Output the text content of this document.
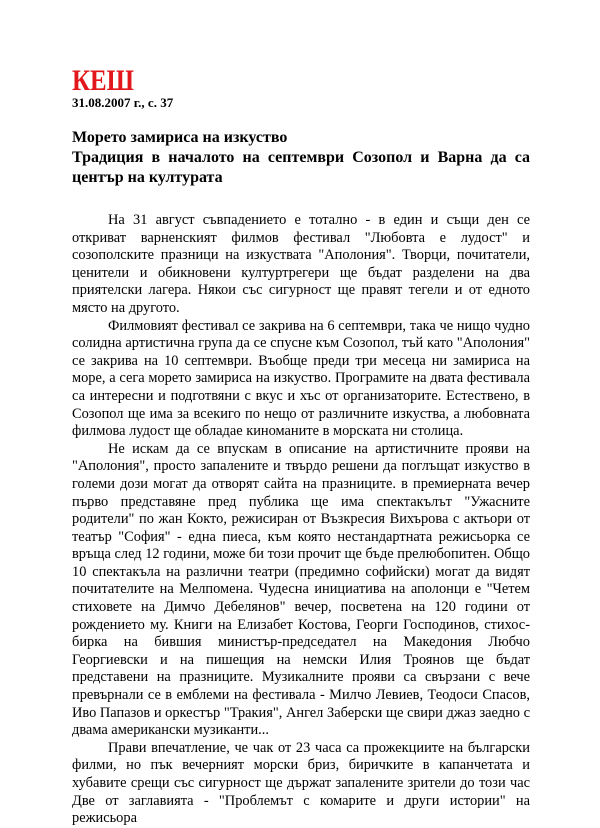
КЕШ
31.08.2007 г., с. 37
Морето замириса на изкуство
Традиция в началото на септември Созопол и Варна да са
център на културата

На 31 август съвпадението е тотално - в един и същи ден се откриват варненският филмов фестивал "Любовта е лудост" и созополските празници на изкуствата "Аполония". Творци, почитатели, ценители и обикновени културтрегери ще бъдат разделени на два приятелски лагера. Някои със сигурност ще правят тегели и от едното място на другото.

Филмовият фестивал се закрива на 6 септември, така че нищо чудно солидна артистична група да се спусне към Созопол, тъй като "Аполония" се закрива на 10 септември. Въобще преди три месеца ни замириса на море, а сега морето замириса на изкуство. Програмите на двата фестивала са интересни и подготвяни с вкус и хъс от организаторите. Естествено, в Созопол ще има за всекиго по нещо от различните изкуства, а любовната филмова лудост ще обладае киноманите в морската ни столица.

Не искам да се впускам в описание на артистичните прояви на "Аполония", просто запалените и твърдо решени да поглъщат изкуство в големи дози могат да отворят сайта на празниците. в премиерната вечер първо представяне пред публика ще има спектакълът "Ужасните родители" по жан Кокто, режисиран от Възкресия Вихърова с актьори от театър "София" - една пиеса, към която нестандартната режисьорка се връща след 12 години, може би този прочит ще бъде прелюбопитен. Общо 10 спектакъла на различни театри (предимно софийски) могат да видят почитателите на Мелпомена. Чудесна инициатива на аполонци е "Четем стиховете на Димчо Дебелянов" вечер, посветена на 120 години от рождението му. Книги на Елизабет Костова, Георги Господинов, стихос-бирка на бившия министър-председател на Македония Любчо Георгиевски и на пишещия на немски Илия Троянов ще бъдат представени на празниците. Музикалните прояви са свързани с вече превърнали се в емблеми на фестивала - Милчо Левиев, Теодоси Спасов, Иво Папазов и оркестър "Тракия", Ангел Заберски ще свири джаз заедно с двама американски музиканти...

Прави впечатление, че чак от 23 часа са прожекциите на български филми, но пък вечерният морски бриз, биричките в капанчетата и хубавите срещи със сигурност ще държат запалените зрители до този час Две от заглавията - "Проблемът с комарите и други истории" на режисьора
